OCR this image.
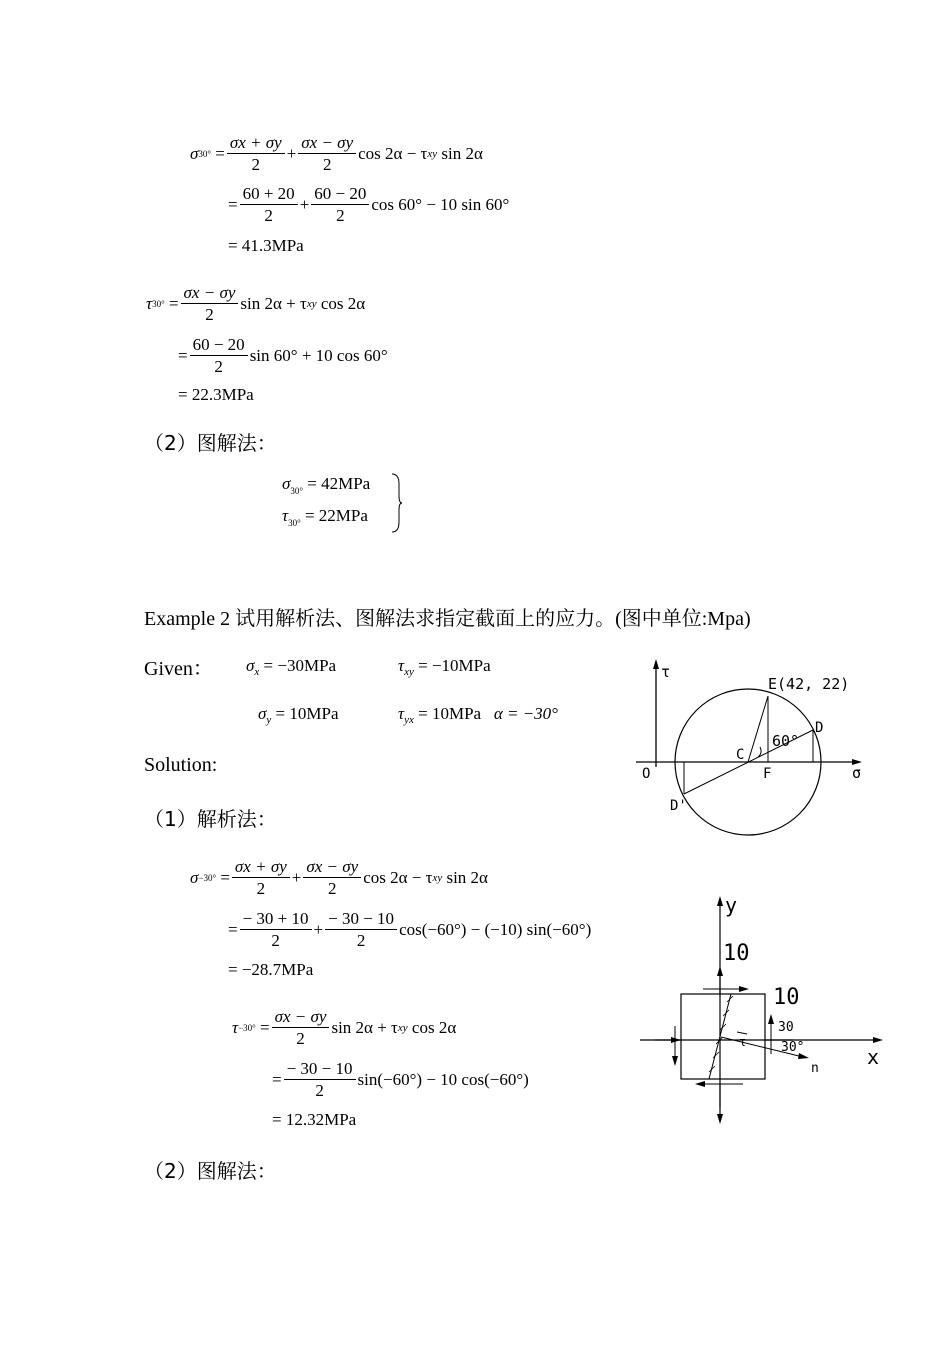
σ $30^\circ = \frac{\sigma x + \sigma y}{2} + \frac{\sigma x - \sigma y}{2}$ cos 2α − τ xy
sin 2α
= $\frac{60 + 20}{2} + \frac{60 - 20}{2}$ cos 60° − 10 sin 60°
= 41.3MPa
τ $30^\circ = \frac{\sigma x - \sigma y}{2}$ sin 2α + τ xy
cos 2α
= $\frac{60 - 20}{2}$ sin 60° + 10 cos 60°
= 22.3MPa
（2）图解法：
$\sigma_{30^\circ} = 42MPa$
$\tau_{30^\circ} = 22MPa$
Example 2 试用解析法、图解法求指定截面上的应力。(图中单位:Mpa)
Given： $\sigma_x = -30MPa$	$\tau_{xy} = -10MPa$
$\sigma_y = 10MPa$	$\tau_{yx} = 10MPa$ α = −30°
Solution:
（1）解析法：
τ
σ
O
E(42, 22)
D
C
F
D'
60°
$\sigma -30^\circ = \frac{\sigma x + \sigma y}{2} + \frac{\sigma x - \sigma y}{2}$ cos 2α − τ xy
sin 2α
= $\frac{- 30 + 10}{2} + \frac{- 30 - 10}{2} \cos(-60^\circ) - (-10)$ sin(−60°)
= −28.7MPa
$\tau -30^\circ = \frac{\sigma x - \sigma y}{2}$ sin 2α + τ xy
cos 2α
= $\frac{- 30 - 10}{2} \sin(-60^\circ) - 10$ cos(−60°)
= 12.32MPa
y
x
n
τ
10
10
30
30°
（2）图解法：
